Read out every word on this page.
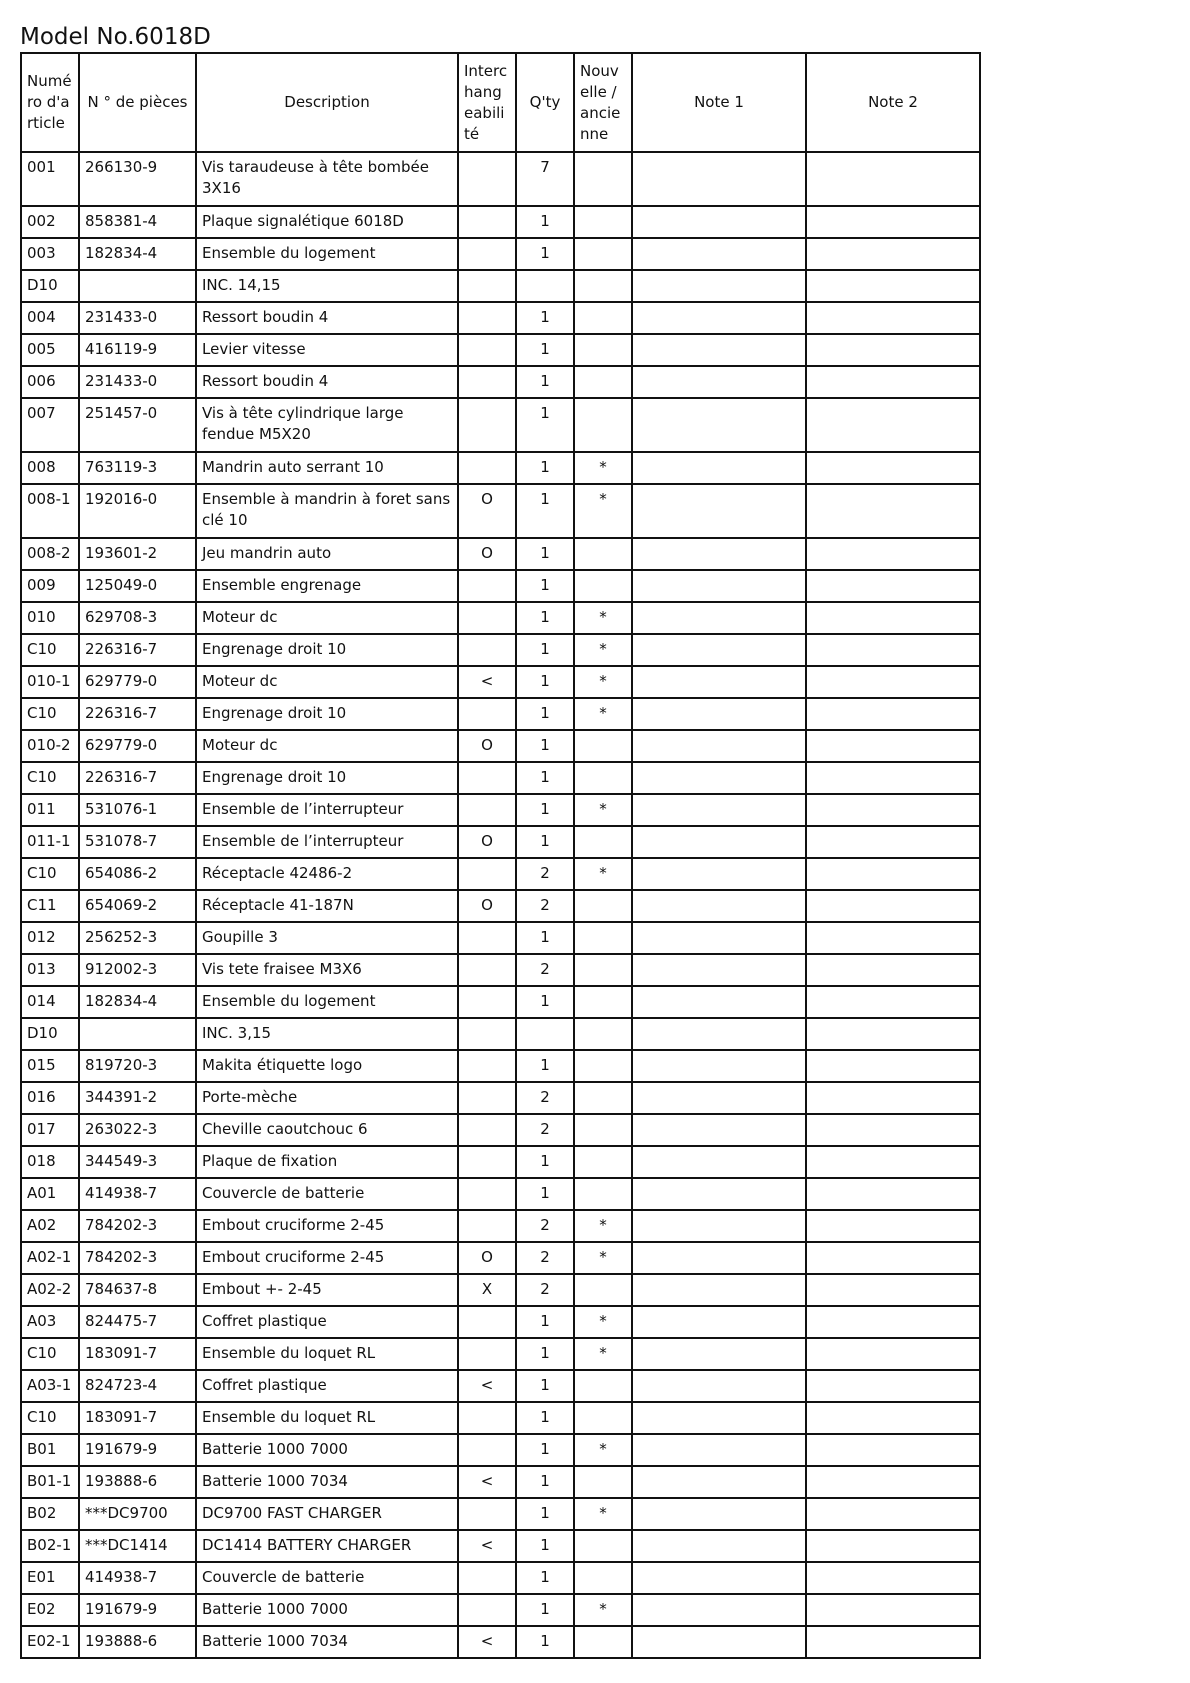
Model No.6018D
Numéro d'article	N ° de pièces	Description	Interchangeabilité	Q'ty	Nouvelle / ancienne	Note 1	Note 2
001	266130-9	Vis taraudeuse à tête bombée 3X16		7			
002	858381-4	Plaque signalétique 6018D		1			
003	182834-4	Ensemble du logement		1			
D10		INC. 14,15					
004	231433-0	Ressort boudin 4		1			
005	416119-9	Levier vitesse		1			
006	231433-0	Ressort boudin 4		1			
007	251457-0	Vis à tête cylindrique large fendue M5X20		1			
008	763119-3	Mandrin auto serrant 10		1	*		
008-1	192016-0	Ensemble à mandrin à foret sans clé 10	O	1	*		
008-2	193601-2	Jeu mandrin auto	O	1			
009	125049-0	Ensemble engrenage		1			
010	629708-3	Moteur dc		1	*		
C10	226316-7	Engrenage droit 10		1	*		
010-1	629779-0	Moteur dc	<	1	*		
C10	226316-7	Engrenage droit 10		1	*		
010-2	629779-0	Moteur dc	O	1			
C10	226316-7	Engrenage droit 10		1			
011	531076-1	Ensemble de l’interrupteur		1	*		
011-1	531078-7	Ensemble de l’interrupteur	O	1			
C10	654086-2	Réceptacle 42486-2		2	*		
C11	654069-2	Réceptacle 41-187N	O	2			
012	256252-3	Goupille 3		1			
013	912002-3	Vis tete fraisee M3X6		2			
014	182834-4	Ensemble du logement		1			
D10		INC. 3,15					
015	819720-3	Makita étiquette logo		1			
016	344391-2	Porte-mèche		2			
017	263022-3	Cheville caoutchouc 6		2			
018	344549-3	Plaque de fixation		1			
A01	414938-7	Couvercle de batterie		1			
A02	784202-3	Embout cruciforme 2-45		2	*		
A02-1	784202-3	Embout cruciforme 2-45	O	2	*		
A02-2	784637-8	Embout +- 2-45	X	2			
A03	824475-7	Coffret plastique		1	*		
C10	183091-7	Ensemble du loquet RL		1	*		
A03-1	824723-4	Coffret plastique	<	1			
C10	183091-7	Ensemble du loquet RL		1			
B01	191679-9	Batterie 1000 7000		1	*		
B01-1	193888-6	Batterie 1000 7034	<	1			
B02	***DC9700	DC9700 FAST CHARGER		1	*		
B02-1	***DC1414	DC1414 BATTERY CHARGER	<	1			
E01	414938-7	Couvercle de batterie		1			
E02	191679-9	Batterie 1000 7000		1	*		
E02-1	193888-6	Batterie 1000 7034	<	1			
